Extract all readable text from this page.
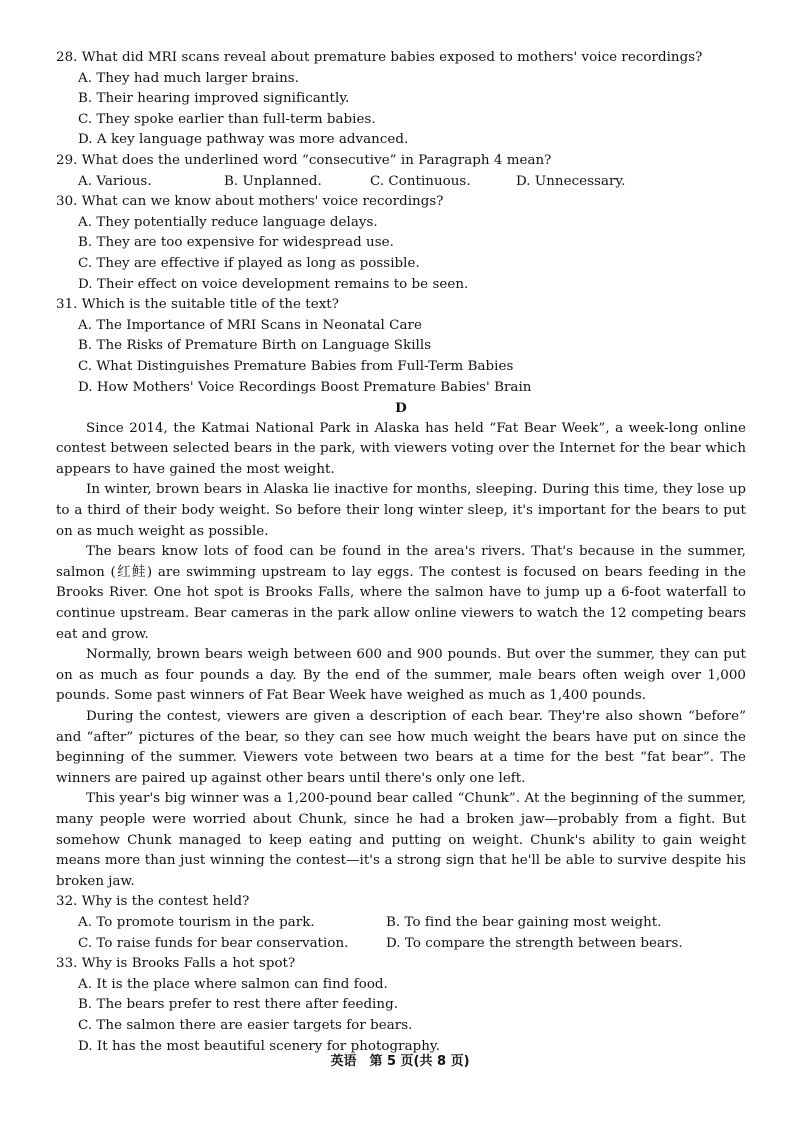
28. What did MRI scans reveal about premature babies exposed to mothers' voice recordings?

A. They had much larger brains.

B. Their hearing improved significantly.

C. They spoke earlier than full-term babies.

D. A key language pathway was more advanced.

29. What does the underlined word “consecutive” in Paragraph 4 mean?

A. Various.	B. Unplanned.	C. Continuous.	D. Unnecessary.

30. What can we know about mothers' voice recordings?

A. They potentially reduce language delays.

B. They are too expensive for widespread use.

C. They are effective if played as long as possible.

D. Their effect on voice development remains to be seen.

31. Which is the suitable title of the text?

A. The Importance of MRI Scans in Neonatal Care

B. The Risks of Premature Birth on Language Skills

C. What Distinguishes Premature Babies from Full-Term Babies

D. How Mothers' Voice Recordings Boost Premature Babies' Brain

D

Since 2014, the Katmai National Park in Alaska has held “Fat Bear Week”, a week-long online contest between selected bears in the park, with viewers voting over the Internet for the bear which appears to have gained the most weight.

In winter, brown bears in Alaska lie inactive for months, sleeping. During this time, they lose up to a third of their body weight. So before their long winter sleep, it's important for the bears to put on as much weight as possible.

The bears know lots of food can be found in the area's rivers. That's because in the summer, salmon (红鲑) are swimming upstream to lay eggs. The contest is focused on bears feeding in the Brooks River. One hot spot is Brooks Falls, where the salmon have to jump up a 6-foot waterfall to continue upstream. Bear cameras in the park allow online viewers to watch the 12 competing bears eat and grow.

Normally, brown bears weigh between 600 and 900 pounds. But over the summer, they can put on as much as four pounds a day. By the end of the summer, male bears often weigh over 1,000 pounds. Some past winners of Fat Bear Week have weighed as much as 1,400 pounds.

During the contest, viewers are given a description of each bear. They're also shown “before” and “after” pictures of the bear, so they can see how much weight the bears have put on since the beginning of the summer. Viewers vote between two bears at a time for the best “fat bear”. The winners are paired up against other bears until there's only one left.

This year's big winner was a 1,200-pound bear called “Chunk”. At the beginning of the summer, many people were worried about Chunk, since he had a broken jaw—probably from a fight. But somehow Chunk managed to keep eating and putting on weight. Chunk's ability to gain weight means more than just winning the contest—it's a strong sign that he'll be able to survive despite his broken jaw.

32. Why is the contest held?

A. To promote tourism in the park.	B. To find the bear gaining most weight.
C. To raise funds for bear conservation.	D. To compare the strength between bears.

33. Why is Brooks Falls a hot spot?

A. It is the place where salmon can find food.

B. The bears prefer to rest there after feeding.

C. The salmon there are easier targets for bears.

D. It has the most beautiful scenery for photography.

英语　第 5 页(共 8 页)
